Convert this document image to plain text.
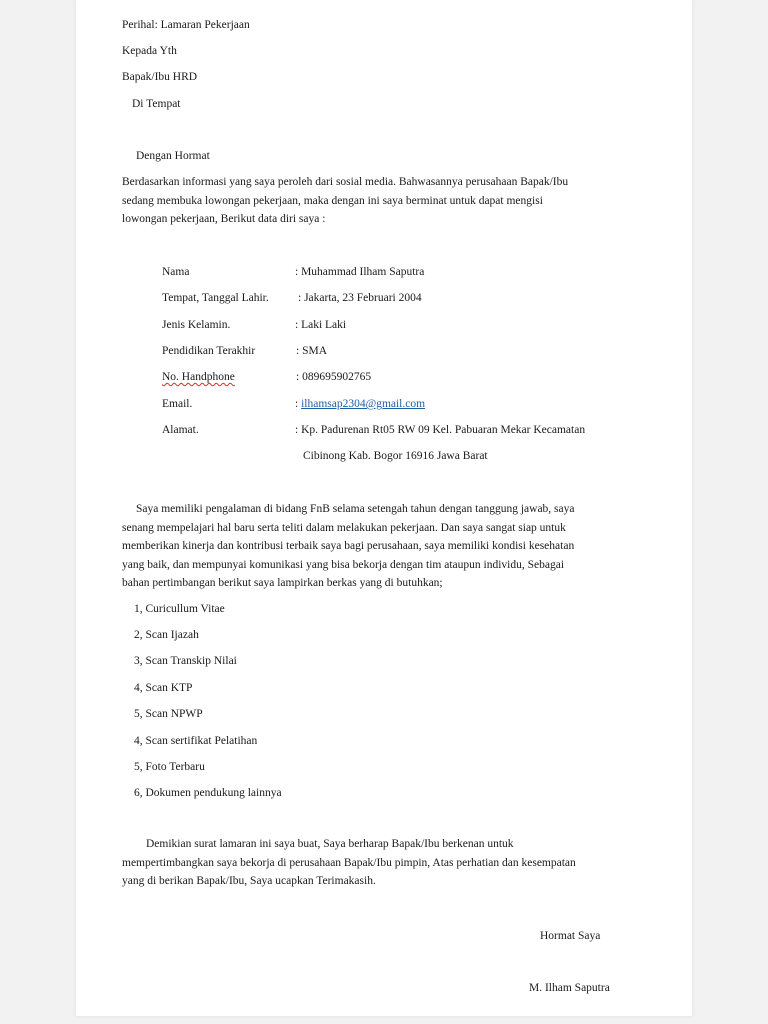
Perihal: Lamaran Pekerjaan
Kepada Yth
Bapak/Ibu HRD
Di Tempat
Dengan Hormat
Berdasarkan informasi yang saya peroleh dari sosial media. Bahwasannya perusahaan Bapak/Ibu
sedang membuka lowongan pekerjaan, maka dengan ini saya berminat untuk dapat mengisi
lowongan pekerjaan, Berikut data diri saya :
Nama	: Muhammad Ilham Saputra
Tempat, Tanggal Lahir.	: Jakarta, 23 Februari 2004
Jenis Kelamin.	: Laki Laki
Pendidikan Terakhir	: SMA
No. Handphone	: 089695902765
Email.	: ilhamsap2304@gmail.com
Alamat.	: Kp. Padurenan Rt05 RW 09 Kel. Pabuaran Mekar Kecamatan
Cibinong Kab. Bogor 16916 Jawa Barat
Saya memiliki pengalaman di bidang FnB selama setengah tahun dengan tanggung jawab, saya
senang mempelajari hal baru serta teliti dalam melakukan pekerjaan. Dan saya sangat siap untuk
memberikan kinerja dan kontribusi terbaik saya bagi perusahaan, saya memiliki kondisi kesehatan
yang baik, dan mempunyai komunikasi yang bisa bekorja dengan tim ataupun individu, Sebagai
bahan pertimbangan berikut saya lampirkan berkas yang di butuhkan;
1, Curicullum Vitae
2, Scan Ijazah
3, Scan Transkip Nilai
4, Scan KTP
5, Scan NPWP
4, Scan sertifikat Pelatihan
5, Foto Terbaru
6, Dokumen pendukung lainnya
Demikian surat lamaran ini saya buat, Saya berharap Bapak/Ibu berkenan untuk
mempertimbangkan saya bekorja di perusahaan Bapak/Ibu pimpin, Atas perhatian dan kesempatan
yang di berikan Bapak/Ibu, Saya ucapkan Terimakasih.
Hormat Saya
M. Ilham Saputra
